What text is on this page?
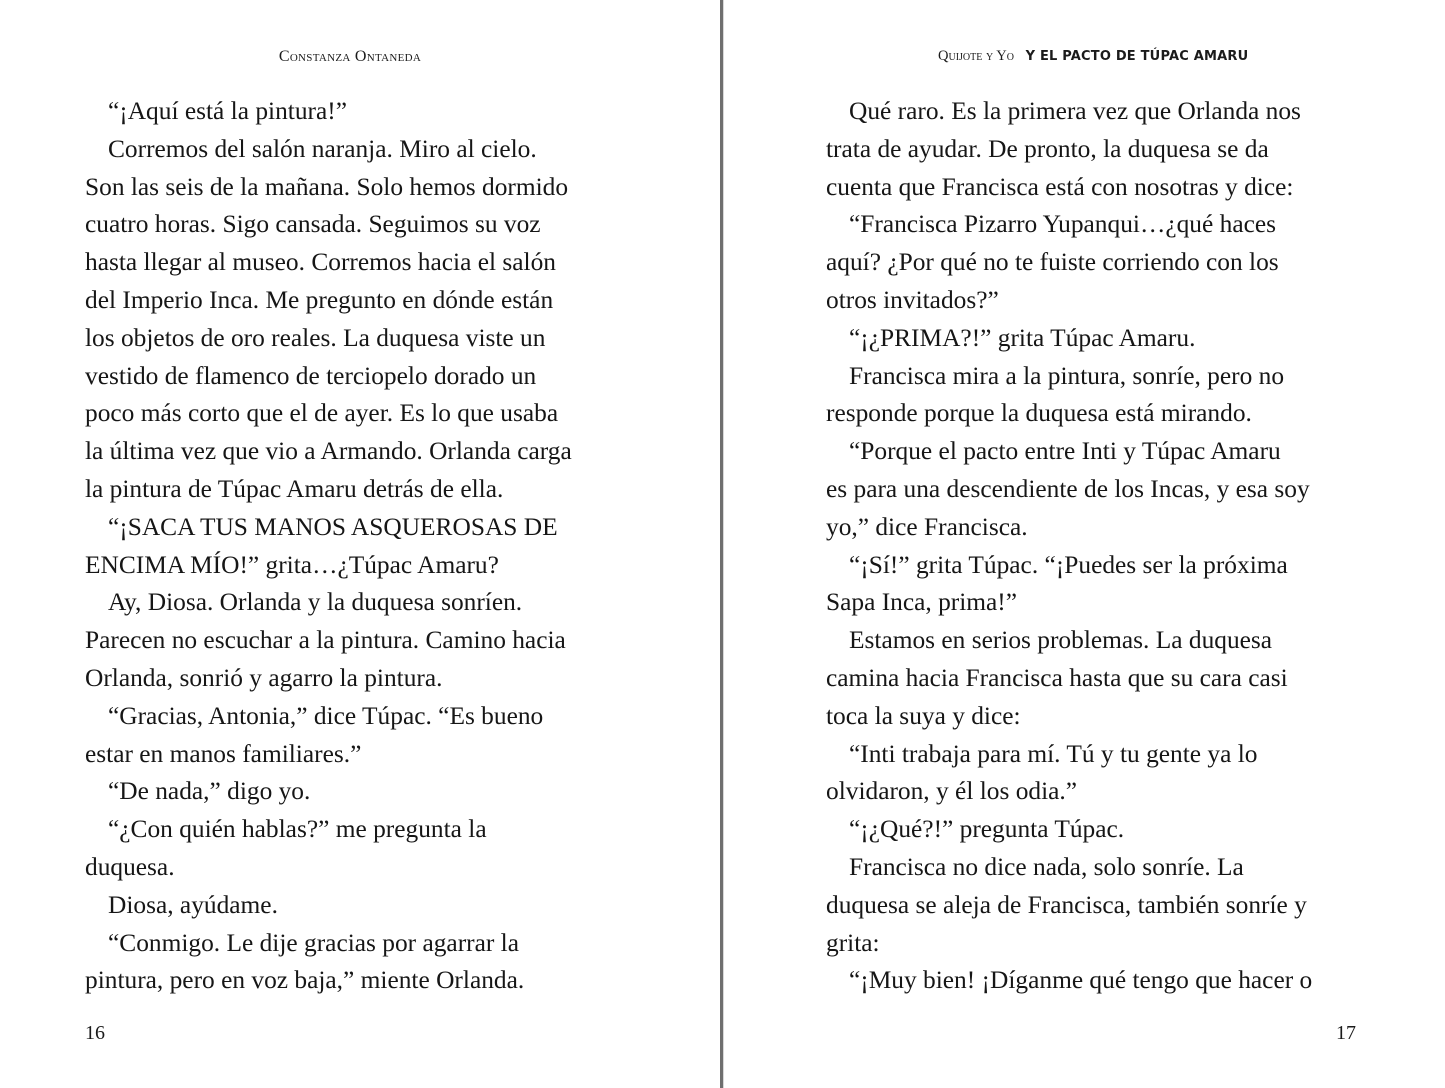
Constanza Ontaneda
“¡Aquí está la pintura!”
Corremos del salón naranja. Miro al cielo.
Son las seis de la mañana. Solo hemos dormido
cuatro horas. Sigo cansada. Seguimos su voz
hasta llegar al museo. Corremos hacia el salón
del Imperio Inca. Me pregunto en dónde están
los objetos de oro reales. La duquesa viste un
vestido de flamenco de terciopelo dorado un
poco más corto que el de ayer. Es lo que usaba
la última vez que vio a Armando. Orlanda carga
la pintura de Túpac Amaru detrás de ella.
“¡SACA TUS MANOS ASQUEROSAS DE
ENCIMA MÍO!” grita…¿Túpac Amaru?
Ay, Diosa. Orlanda y la duquesa sonríen.
Parecen no escuchar a la pintura. Camino hacia
Orlanda, sonrió y agarro la pintura.
“Gracias, Antonia,” dice Túpac. “Es bueno
estar en manos familiares.”
“De nada,” digo yo.
“¿Con quién hablas?” me pregunta la
duquesa.
Diosa, ayúdame.
“Conmigo. Le dije gracias por agarrar la
pintura, pero en voz baja,” miente Orlanda.
16
Quijote y Yo Y EL PACTO DE TÚPAC AMARU
Qué raro. Es la primera vez que Orlanda nos
trata de ayudar. De pronto, la duquesa se da
cuenta que Francisca está con nosotras y dice:
“Francisca Pizarro Yupanqui…¿qué haces
aquí? ¿Por qué no te fuiste corriendo con los
otros invitados?”
“¡¿PRIMA?!” grita Túpac Amaru.
Francisca mira a la pintura, sonríe, pero no
responde porque la duquesa está mirando.
“Porque el pacto entre Inti y Túpac Amaru
es para una descendiente de los Incas, y esa soy
yo,” dice Francisca.
“¡Sí!” grita Túpac. “¡Puedes ser la próxima
Sapa Inca, prima!”
Estamos en serios problemas. La duquesa
camina hacia Francisca hasta que su cara casi
toca la suya y dice:
“Inti trabaja para mí. Tú y tu gente ya lo
olvidaron, y él los odia.”
“¡¿Qué?!” pregunta Túpac.
Francisca no dice nada, solo sonríe. La
duquesa se aleja de Francisca, también sonríe y
grita:
“¡Muy bien! ¡Díganme qué tengo que hacer o
17
